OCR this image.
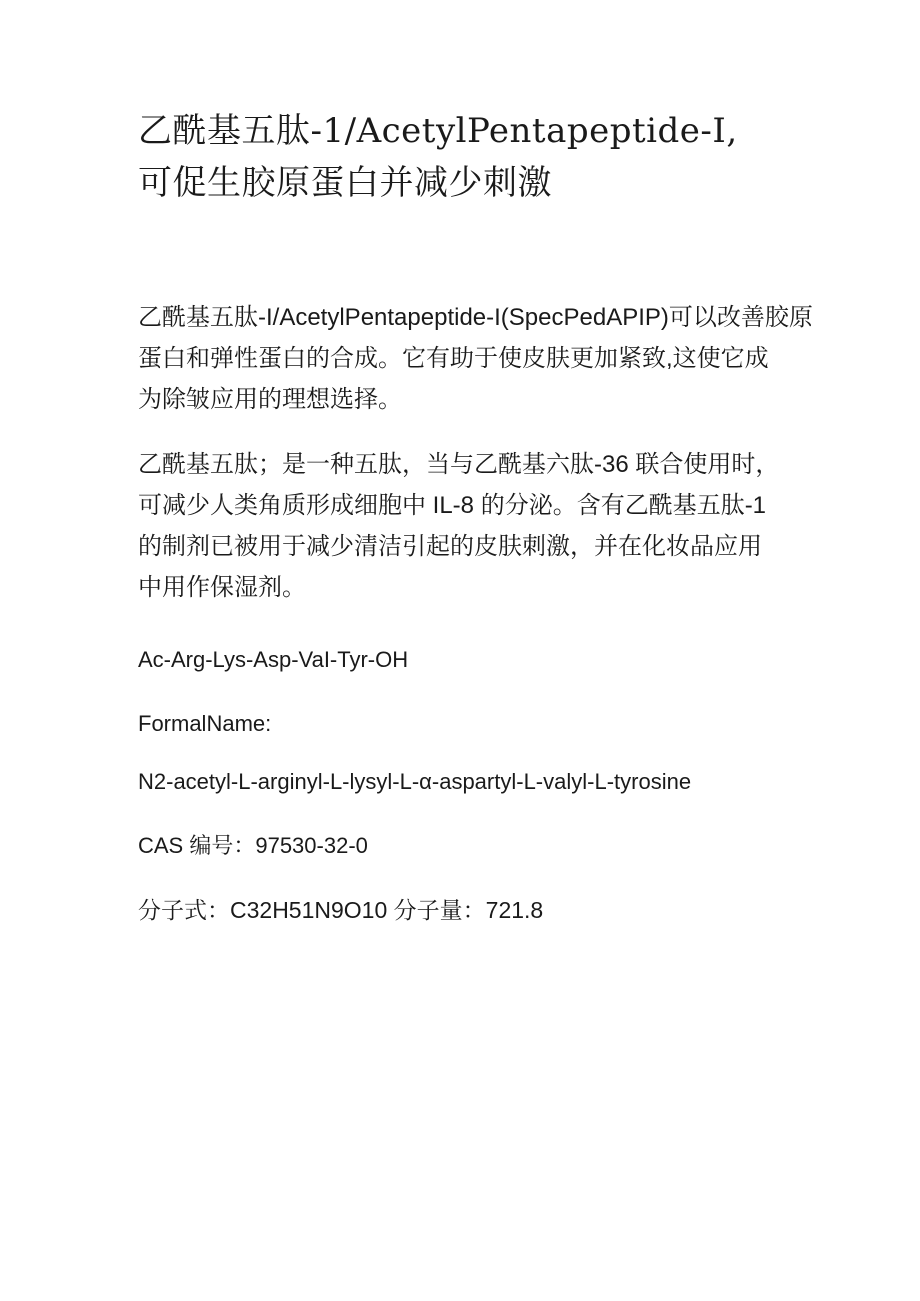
乙酰基五肽-1/AcetylPentapeptide-I,
可促生胶原蛋白并减少刺激

乙酰基五肽-I/AcetylPentapeptide-I(SpecPedAPIP)可以改善胶原
蛋白和弹性蛋白的合成。它有助于使皮肤更加紧致,这使它成
为除皱应用的理想选择。

乙酰基五肽；是一种五肽，当与乙酰基六肽-36 联合使用时，
可减少人类角质形成细胞中 IL-8 的分泌。含有乙酰基五肽-1
的制剂已被用于减少清洁引起的皮肤刺激，并在化妆品应用
中用作保湿剂。

Ac-Arg-Lys-Asp-VaI-Tyr-OH

FormalName:

N2-acetyl-L-arginyl-L-lysyl-L-α-aspartyl-L-valyl-L-tyrosine

CAS 编号：97530-32-0

分子式：C32H51N9O10 分子量：721.8
